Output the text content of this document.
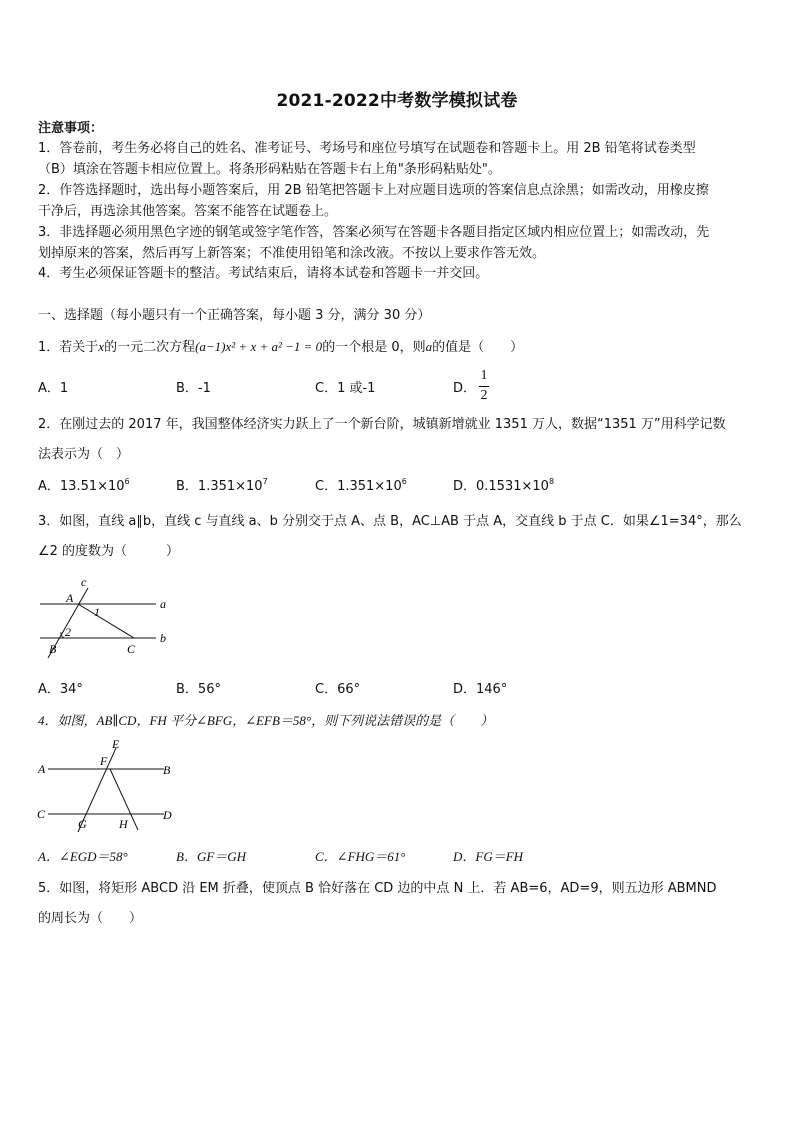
2021-2022中考数学模拟试卷
注意事项：
1．答卷前，考生务必将自己的姓名、准考证号、考场号和座位号填写在试题卷和答题卡上。用 2B 铅笔将试卷类型
（B）填涂在答题卡相应位置上。将条形码粘贴在答题卡右上角"条形码粘贴处"。
2．作答选择题时，选出每小题答案后，用 2B 铅笔把答题卡上对应题目选项的答案信息点涂黑；如需改动，用橡皮擦
干净后，再选涂其他答案。答案不能答在试题卷上。
3．非选择题必须用黑色字迹的钢笔或签字笔作答，答案必须写在答题卡各题目指定区域内相应位置上；如需改动，先
划掉原来的答案，然后再写上新答案；不准使用铅笔和涂改液。不按以上要求作答无效。
4．考生必须保证答题卡的整洁。考试结束后，请将本试卷和答题卡一并交回。
一、选择题（每小题只有一个正确答案，每小题 3 分，满分 30 分）
1．若关于x的一元二次方程(a−1)x² + x + a² −1 = 0的一个根是 0，则a的值是（　　）
A．1	B．-1	C．1 或-1	D．
1
2
2．在刚过去的 2017 年，我国整体经济实力跃上了一个新台阶，城镇新增就业 1351 万人，数据“1351 万”用科学记数
法表示为（　）
A．$13.51\times 10^6$	B．$1.351\times 10^7$	C．$1.351\times 10^6$	D．$0.1531\times 10^8$
3．如图，直线 a∥b，直线 c 与直线 a、b 分别交于点 A、点 B，AC⊥AB 于点 A，交直线 b 于点 C．如果∠1=34°，那么
∠2 的度数为（　　　）
c
A
1
a
2
B	C
b
A．34°	B．56°	C．66°	D．146°
4．如图，AB∥CD，FH 平分∠BFG，∠EFB＝58°，则下列说法错误的是（　　）
E
F
A	B
C	D
G	H
A．∠EGD＝58°	B．GF＝GH	C．∠FHG＝61°	D．FG＝FH
5．如图，将矩形 ABCD 沿 EM 折叠，使顶点 B 恰好落在 CD 边的中点 N 上．若 AB=6，AD=9，则五边形 ABMND
的周长为（　　）
